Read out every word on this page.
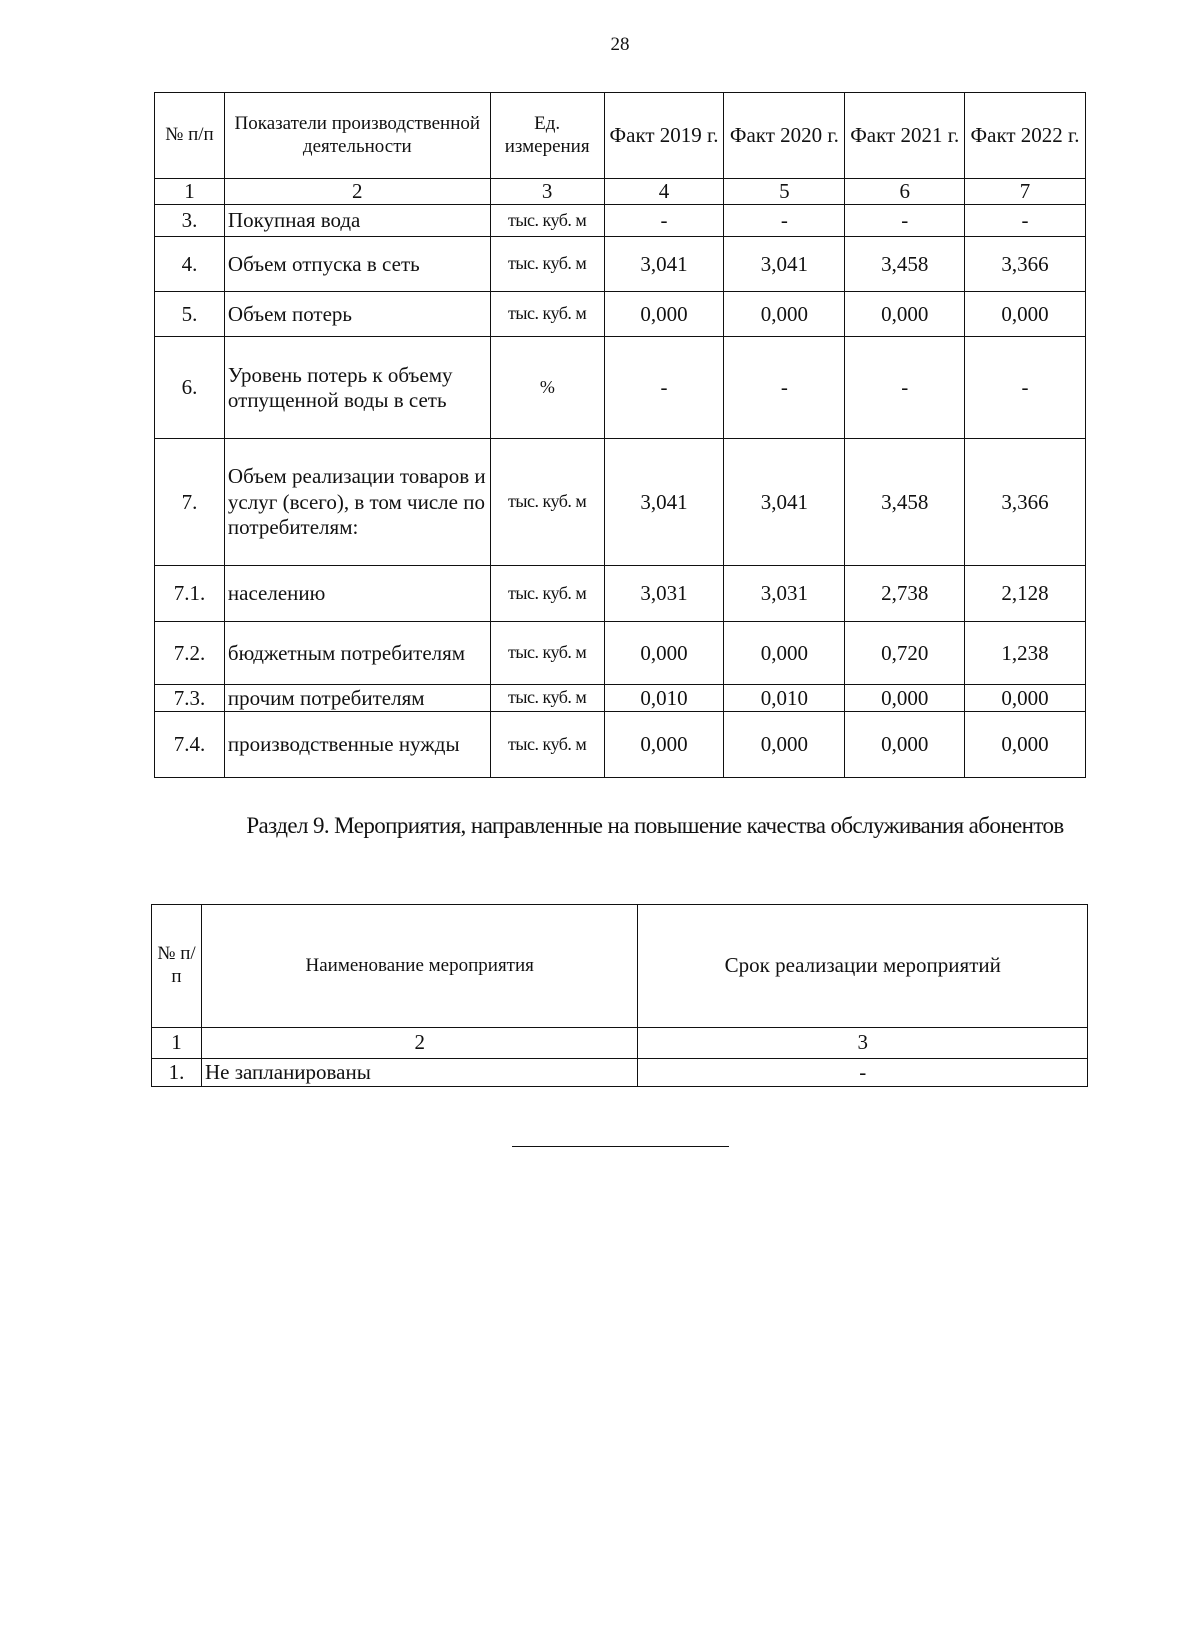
28
№ п/п	Показатели производственной деятельности	Ед. измерения	Факт 2019 г.	Факт 2020 г.	Факт 2021 г.	Факт 2022 г.
1	2	3	4	5	6	7
3.	Покупная вода	тыс. куб. м	-	-	-	-
4.	Объем отпуска в сеть	тыс. куб. м	3,041	3,041	3,458	3,366
5.	Объем потерь	тыс. куб. м	0,000	0,000	0,000	0,000
6.	Уровень потерь к объему отпущенной воды в сеть	%	-	-	-	-
7.	Объем реализации товаров и услуг (всего), в том числе по потребителям:	тыс. куб. м	3,041	3,041	3,458	3,366
7.1.	населению	тыс. куб. м	3,031	3,031	2,738	2,128
7.2.	бюджетным потребителям	тыс. куб. м	0,000	0,000	0,720	1,238
7.3.	прочим потребителям	тыс. куб. м	0,010	0,010	0,000	0,000
7.4.	производственные нужды	тыс. куб. м	0,000	0,000	0,000	0,000
Раздел 9. Мероприятия, направленные на повышение качества обслуживания абонентов
№ п/п	Наименование мероприятия	Срок реализации мероприятий
1	2	3
1.	Не запланированы	-
